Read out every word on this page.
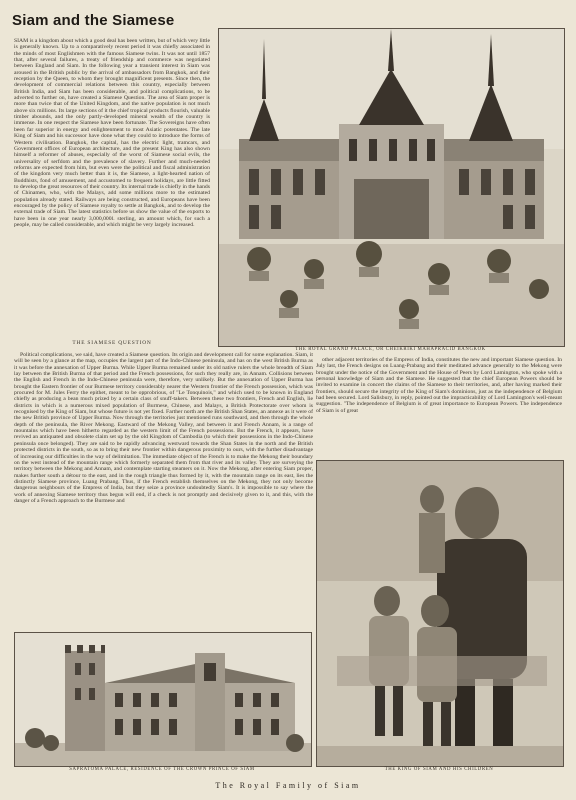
Siam and the Siamese

SIAM is a kingdom about which a good deal has been written, but of which very little is generally known. Up to a comparatively recent period it was chiefly associated in the minds of most Englishmen with the famous Siamese twins. It was not until 1857 that, after several failures, a treaty of friendship and commerce was negotiated between England and Siam. In the following year a transient interest in Siam was aroused in the British public by the arrival of ambassadors from Bangkok, and their reception by the Queen, to whom they brought magnificent presents. Since then, the development of commercial relations between this country, especially between British India, and Siam has been considerable, and political complications, to be adverted to further on, have created a Siamese Question. The area of Siam proper is more than twice that of the United Kingdom, and the native population is not much above six millions. Its large sections of it the chief tropical products flourish, valuable timber abounds, and the only partly-developed mineral wealth of the country is immense. In one respect the Siamese have been fortunate. The Sovereigns have often been far superior in energy and enlightenment to most Asiatic potentates. The late King of Siam and his successor have done what they could to introduce the forms of Western civilisation. Bangkok, the capital, has the electric light, tramcars, and Government offices of European architecture, and the present King has also shown himself a reformer of abuses, especially of the worst of Siamese social evils, the universality of serfdom and the prevalence of slavery. Further and much-needed reforms are expected from him, but even were the political and fiscal administration of the kingdom very much better than it is, the Siamese, a light-hearted nation of Buddhists, fond of amusement, and accustomed to frequent holidays, are little fitted to develop the great resources of their country. Its internal trade is chiefly in the hands of Chinamen, who, with the Malays, add some millions more to the estimated population already stated. Railways are being constructed, and Europeans have been encouraged by the policy of Siamese royalty to settle at Bangkok, and to develop the external trade of Siam. The latest statistics before us show the value of the exports to have been in one year nearly 3,000,000l. sterling, an amount which, for such a people, may be called considerable, and which might be very largely increased.

THE SIAMESE QUESTION
THE ROYAL GRAND PALACE, OR CHEIKRIKI MAHAPRACID BANGKOK

Political complications, we said, have created a Siamese question. Its origin and development call for some explanation. Siam, it will be seen by a glance at the map, occupies the largest part of the Indo-Chinese peninsula, and has on the west British Burma as it was before the annexation of Upper Burma. While Upper Burma remained under its old native rulers the whole breadth of Siam lay between the British Burma of that period and the French possessions, for such they really are, in Annam. Collisions between the English and French in the Indo-Chinese peninsula were, therefore, very unlikely. But the annexation of Upper Burma has brought the Eastern frontier of our Burmese territory considerably nearer the Western frontier of the French possession, which was procured for M. Jules Ferry the epithet, meant to be opprobrious, of "Le Tonquinois," and which used to be known in England chiefly as producing a bean much prized by a certain class of snuff-takers. Between these two frontiers, French and English, lie districts in which is a numerous mixed population of Burmese, Chinese, and Malays, a British Protectorate over whom is recognised by the King of Siam, but whose future is not yet fixed. Farther north are the British Shan States, an annexe as it were of the new British province of Upper Burma. Now through the territories just mentioned runs southward, and then through the whole depth of the peninsula, the River Mekong. Eastward of the Mekong Valley, and between it and French Annam, is a range of mountains which have been hitherto regarded as the western limit of the French possessions. But the French, it appears, have revived an antiquated and obsolete claim set up by the old Kingdom of Cambodia (to which their possessions in the Indo-Chinese peninsula once belonged). They are said to be rapidly advancing westward towards the Shan States in the north and the British protected districts in the south, so as to bring their new frontier within dangerous proximity to ours, with the further disadvantage of increasing our difficulties in the way of delimitation. The immediate object of the French is to make the Mekong their boundary on the west instead of the mountain range which formerly separated them from that river and its valley. They are surveying the territory between the Mekong and Annam, and contemplate starting steamers on it. Now the Mekong, after entering Siam proper, makes further south a détour to the east, and in the rough triangle thus formed by it, with the mountain range on its east, lies the distinctly Siamese province, Luang Prabang. Thus, if the French establish themselves on the Mekong, they not only become dangerous neighbours of the Empress of India, but they seize a province undoubtedly Siam's. It is impossible to say where the work of annexing Siamese territory thus begun will end, if a check is not promptly and decisively given to it, and this, with the danger of a French approach to the Burmese and

other adjacent territories of the Empress of India, constitutes the new and important Siamese question. In July last, the French designs on Luang-Prabang and their meditated advance generally to the Mekong were brought under the notice of the Government and the House of Peers by Lord Lamington, who spoke with a personal knowledge of Siam and the Siamese. He suggested that the chief European Powers should be invited to examine in concert the claims of the Siamese to their territories, and, after having marked their frontiers, should secure the integrity of the King of Siam's dominions, just as the independence of Belgium had been secured. Lord Salisbury, in reply, pointed out the impracticability of Lord Lamington's well-meant suggestion. "The independence of Belgium is of great importance to European Powers. The independence of Siam is of great

SAPRATOMA PALACE, RESIDENCE OF THE CROWN PRINCE OF SIAM	THE KING OF SIAM AND HIS CHILDREN
The Royal Family of Siam
